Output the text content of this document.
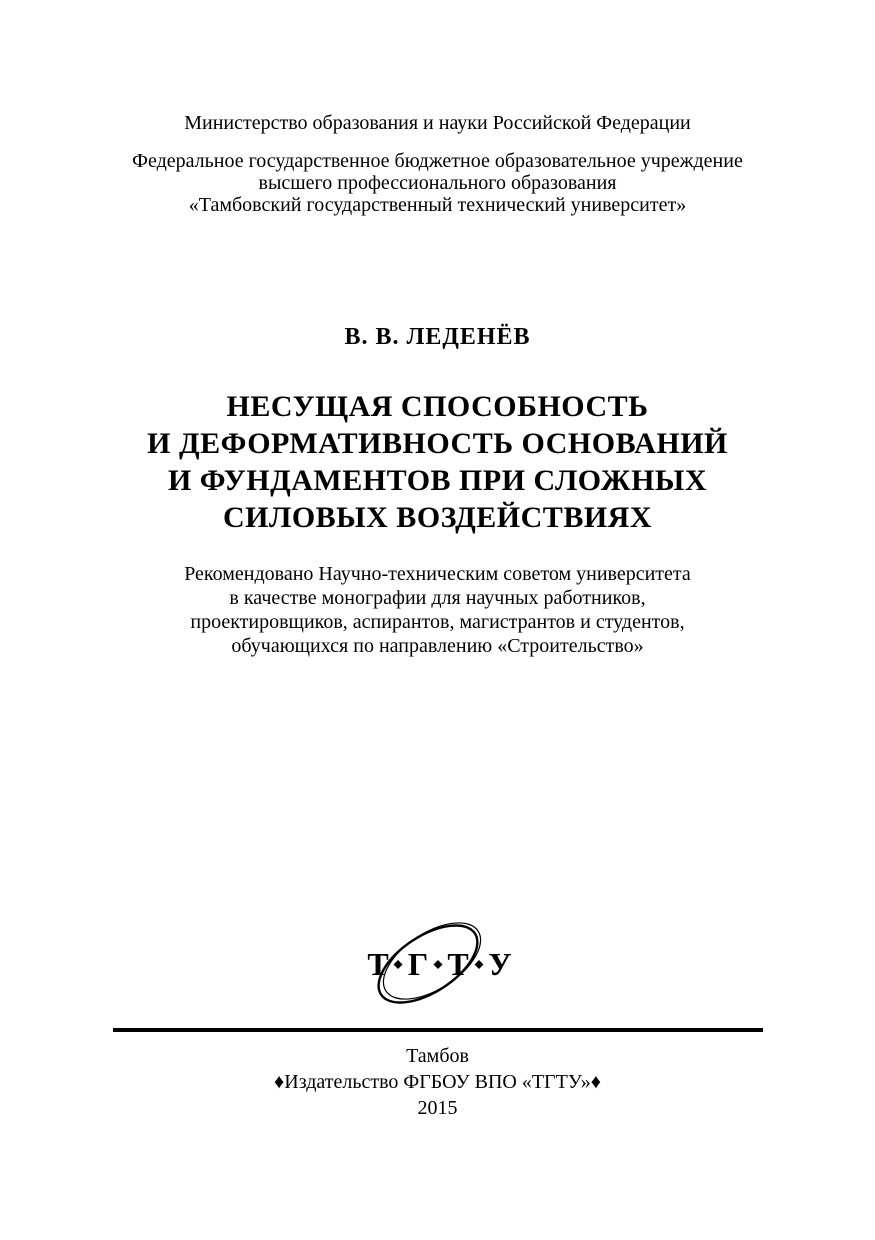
Министерство образования и науки Российской Федерации
Федеральное государственное бюджетное образовательное учреждение
высшего профессионального образования
«Тамбовский государственный технический университет»
В. В. ЛЕДЕНЁВ
НЕСУЩАЯ СПОСОБНОСТЬ
И ДЕФОРМАТИВНОСТЬ ОСНОВАНИЙ
И ФУНДАМЕНТОВ ПРИ СЛОЖНЫХ
СИЛОВЫХ ВОЗДЕЙСТВИЯХ
Рекомендовано Научно-техническим советом университета
в качестве монографии для научных работников,
проектировщиков, аспирантов, магистрантов и студентов,
обучающихся по направлению «Строительство»
Т Г Т У
Тамбов
♦Издательство ФГБОУ ВПО «ТГТУ»♦
2015
